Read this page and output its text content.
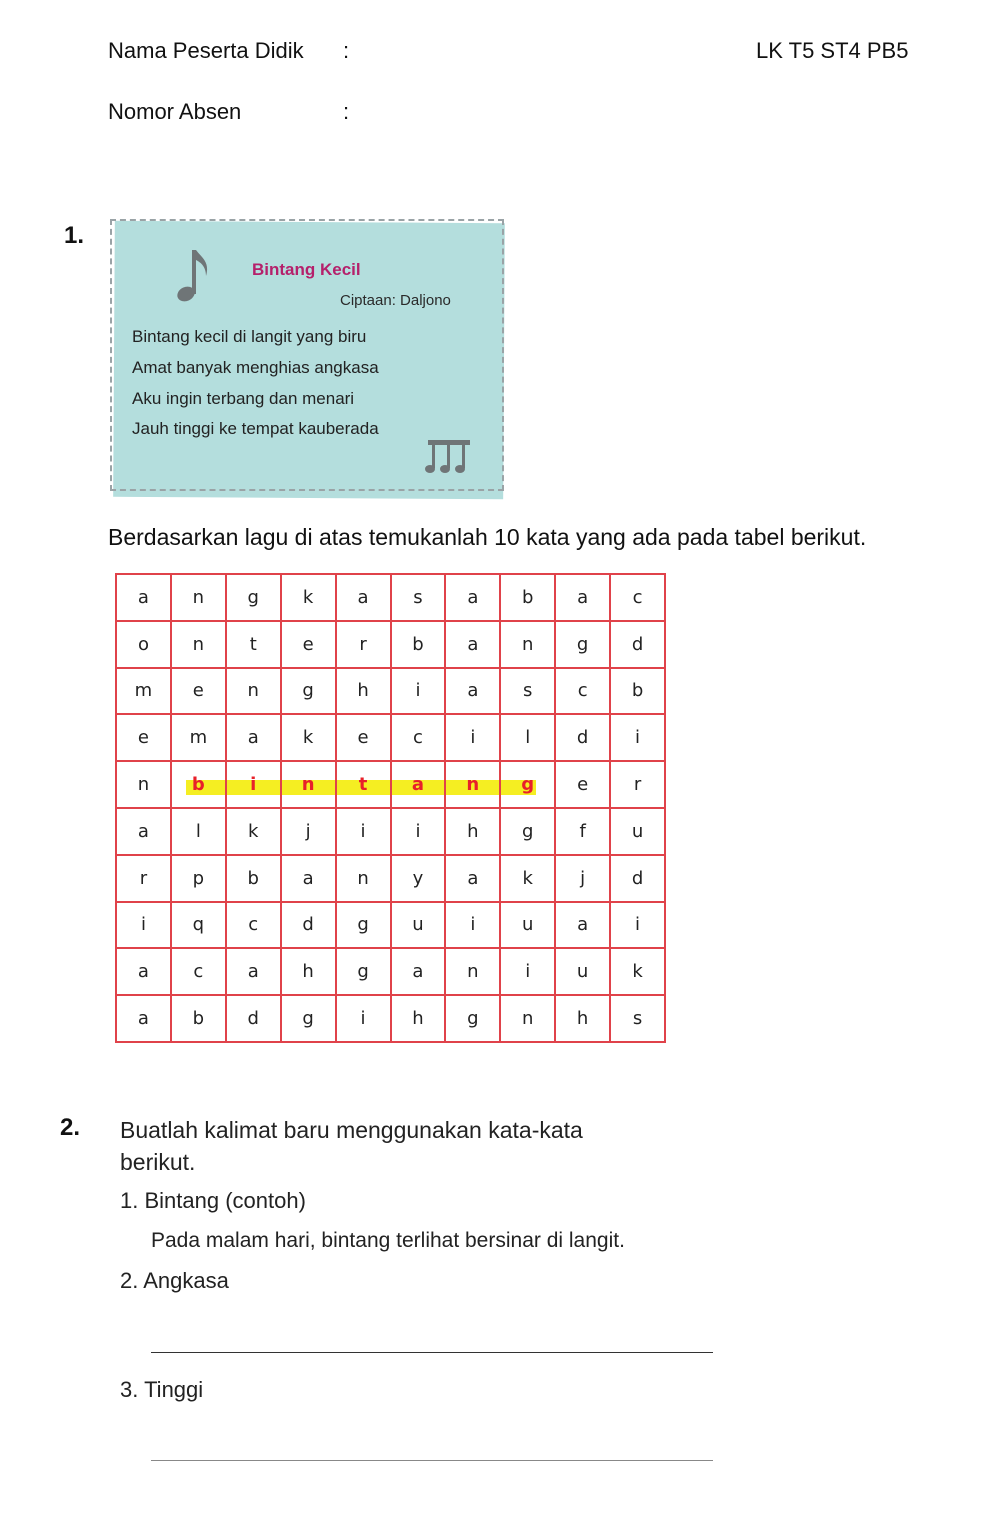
Nama Peserta Didik :	LK T5 ST4 PB5
Nomor Absen	:
1.
Bintang Kecil
Ciptaan: Daljono
Bintang kecil di langit yang biru
Amat banyak menghias angkasa
Aku ingin terbang dan menari
Jauh tinggi ke tempat kauberada
Berdasarkan lagu di atas temukanlah 10 kata yang ada pada tabel berikut.
a	n	g	k	a	s	a	b	a	c
o	n	t	e	r	b	a	n	g	d
m	e	n	g	h	i	a	s	c	b
e	m	a	k	e	c	i	l	d	i
n	b	i	n	t	a	n	g	e	r
a	l	k	j	i	i	h	g	f	u
r	p	b	a	n	y	a	k	j	d
i	q	c	d	g	u	i	u	a	i
a	c	a	h	g	a	n	i	u	k
a	b	d	g	i	h	g	n	h	s
2. Buatlah kalimat baru menggunakan kata-kata
berikut.
1. Bintang (contoh)
Pada malam hari, bintang terlihat bersinar di langit.
2. Angkasa
3. Tinggi
